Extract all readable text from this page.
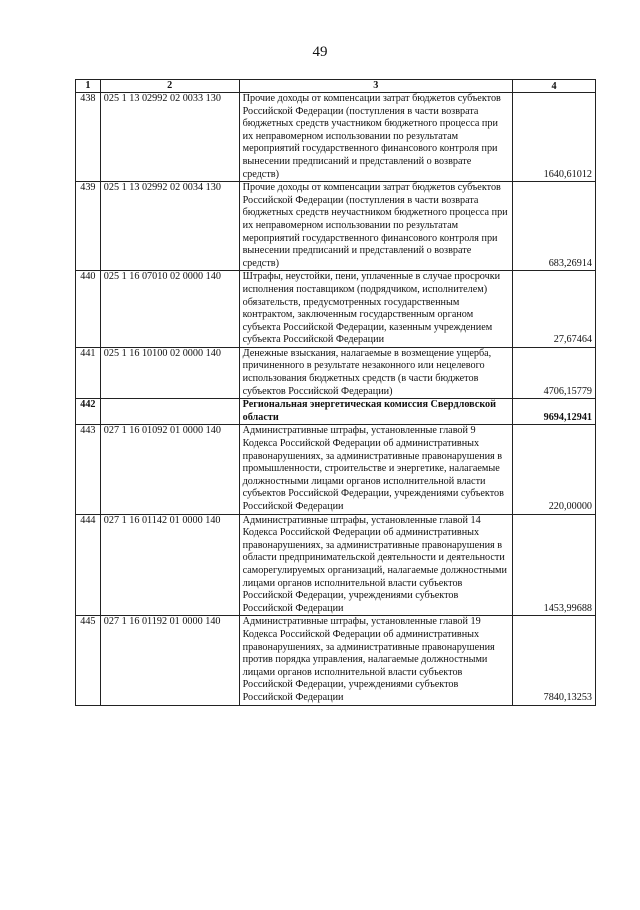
49
1	2	3	4
438	025 1 13 02992 02 0033 130	Прочие доходы от компенсации затрат бюджетов субъектов Российской Федерации (поступления в части возврата бюджетных средств участником бюджетного процесса при их неправомерном использовании по результатам мероприятий государственного финансового контроля при вынесении предписаний и представлений о возврате средств)	1640,61012
439	025 1 13 02992 02 0034 130	Прочие доходы от компенсации затрат бюджетов субъектов Российской Федерации (поступления в части возврата бюджетных средств неучастником бюджетного процесса при их неправомерном использовании по результатам мероприятий государственного финансового контроля при вынесении предписаний и представлений о возврате средств)	683,26914
440	025 1 16 07010 02 0000 140	Штрафы, неустойки, пени, уплаченные в случае просрочки исполнения поставщиком (подрядчиком, исполнителем) обязательств, предусмотренных государственным контрактом, заключенным государственным органом субъекта Российской Федерации, казенным учреждением субъекта Российской Федерации	27,67464
441	025 1 16 10100 02 0000 140	Денежные взыскания, налагаемые в возмещение ущерба, причиненного в результате незаконного или нецелевого использования бюджетных средств (в части бюджетов субъектов Российской Федерации)	4706,15779
442		Региональная энергетическая комиссия Свердловской области	9694,12941
443	027 1 16 01092 01 0000 140	Административные штрафы, установленные главой 9 Кодекса Российской Федерации об административных правонарушениях, за административные правонарушения в промышленности, строительстве и энергетике, налагаемые должностными лицами органов исполнительной власти субъектов Российской Федерации, учреждениями субъектов Российской Федерации	220,00000
444	027 1 16 01142 01 0000 140	Административные штрафы, установленные главой 14 Кодекса Российской Федерации об административных правонарушениях, за административные правонарушения в области предпринимательской деятельности и деятельности саморегулируемых организаций, налагаемые должностными лицами органов исполнительной власти субъектов Российской Федерации, учреждениями субъектов Российской Федерации	1453,99688
445	027 1 16 01192 01 0000 140	Административные штрафы, установленные главой 19 Кодекса Российской Федерации об административных правонарушениях, за административные правонарушения против порядка управления, налагаемые должностными лицами органов исполнительной власти субъектов Российской Федерации, учреждениями субъектов Российской Федерации	7840,13253
